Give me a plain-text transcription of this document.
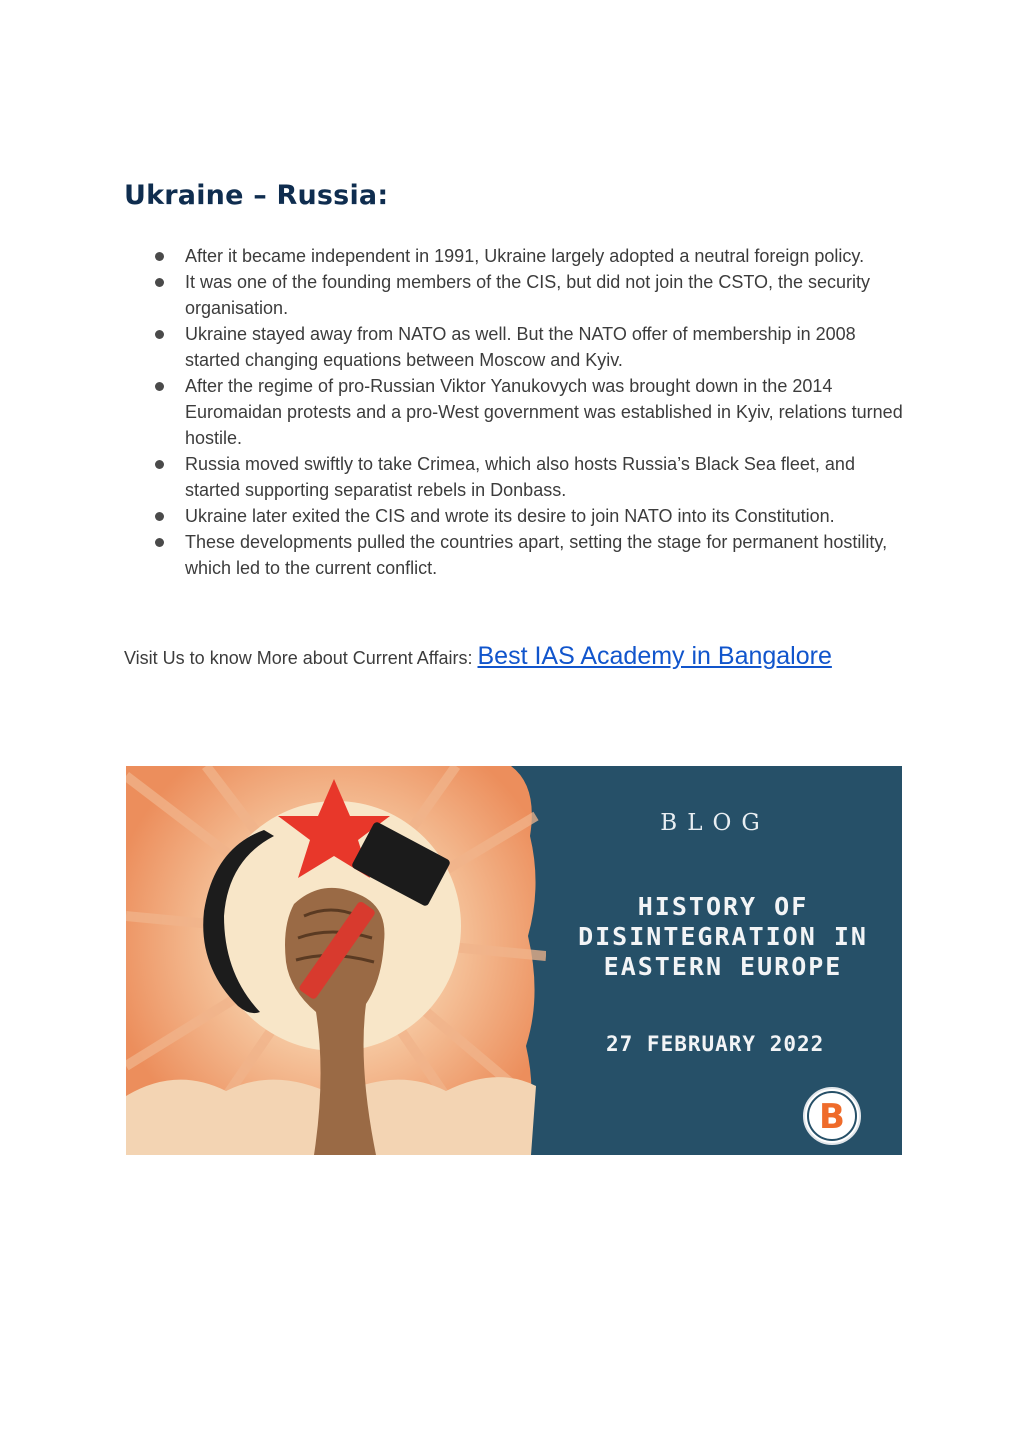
Ukraine – Russia:
After it became independent in 1991, Ukraine largely adopted a neutral foreign policy.
It was one of the founding members of the CIS, but did not join the CSTO, the security organisation.
Ukraine stayed away from NATO as well. But the NATO offer of membership in 2008 started changing equations between Moscow and Kyiv.
After the regime of pro-Russian Viktor Yanukovych was brought down in the 2014 Euromaidan protests and a pro-West government was established in Kyiv, relations turned hostile.
Russia moved swiftly to take Crimea, which also hosts Russia’s Black Sea fleet, and started supporting separatist rebels in Donbass.
Ukraine later exited the CIS and wrote its desire to join NATO into its Constitution.
These developments pulled the countries apart, setting the stage for permanent hostility, which led to the current conflict.
Visit Us to know More about Current Affairs: Best IAS Academy in Bangalore
BLOG
HISTORY OF
DISINTEGRATION IN
EASTERN EUROPE
27 FEBRUARY 2022
B
